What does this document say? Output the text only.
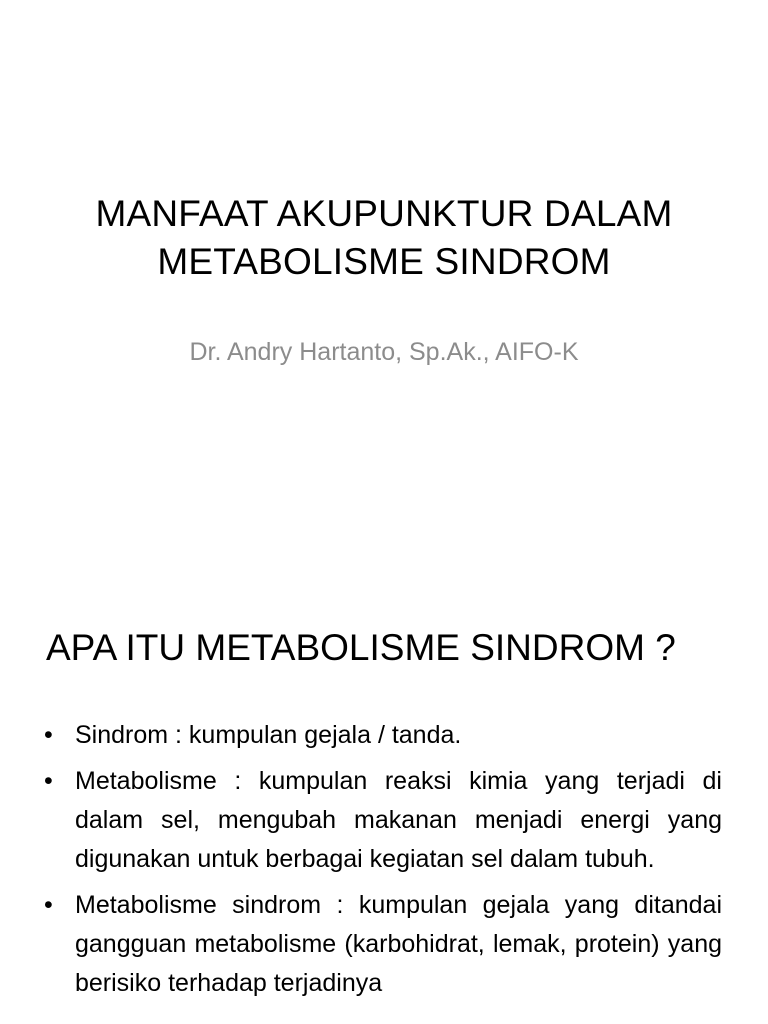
MANFAAT AKUPUNKTUR DALAM
METABOLISME SINDROM
Dr. Andry Hartanto, Sp.Ak., AIFO-K
APA ITU METABOLISME SINDROM ?
• Sindrom : kumpulan gejala / tanda.
• Metabolisme : kumpulan reaksi kimia yang terjadi di dalam sel, mengubah makanan menjadi energi yang digunakan untuk berbagai kegiatan sel dalam tubuh.
• Metabolisme sindrom : kumpulan gejala yang ditandai gangguan metabolisme (karbohidrat, lemak, protein) yang berisiko terhadap terjadinya
